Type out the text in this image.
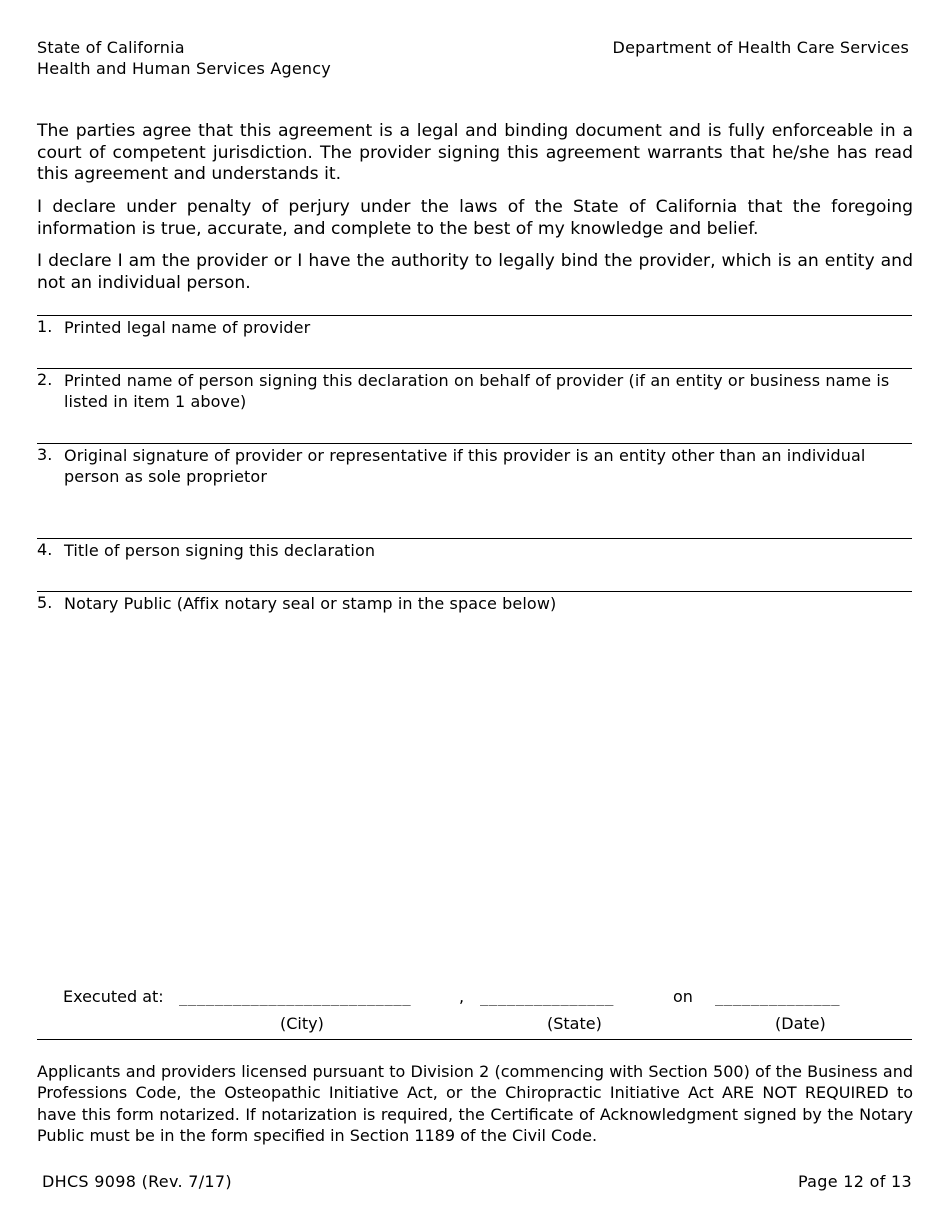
State of California
Health and Human Services Agency
Department of Health Care Services

The parties agree that this agreement is a legal and binding document and is fully enforceable in a court of competent jurisdiction. The provider signing this agreement warrants that he/she has read this agreement and understands it.

I declare under penalty of perjury under the laws of the State of California that the foregoing information is true, accurate, and complete to the best of my knowledge and belief.

I declare I am the provider or I have the authority to legally bind the provider, which is an entity and not an individual person.

1. Printed legal name of provider
2. Printed name of person signing this declaration on behalf of provider (if an entity or business name is listed in item 1 above)
3. Original signature of provider or representative if this provider is an entity other than an individual person as sole proprietor
4. Title of person signing this declaration
5. Notary Public (Affix notary seal or stamp in the space below)
Executed at: __________________________	, _______________	on ______________
(City)	(State)	(Date)

Applicants and providers licensed pursuant to Division 2 (commencing with Section 500) of the Business and Professions Code, the Osteopathic Initiative Act, or the Chiropractic Initiative Act ARE NOT REQUIRED to have this form notarized. If notarization is required, the Certificate of Acknowledgment signed by the Notary Public must be in the form specified in Section 1189 of the Civil Code.

DHCS 9098 (Rev. 7/17)	Page 12 of 13
